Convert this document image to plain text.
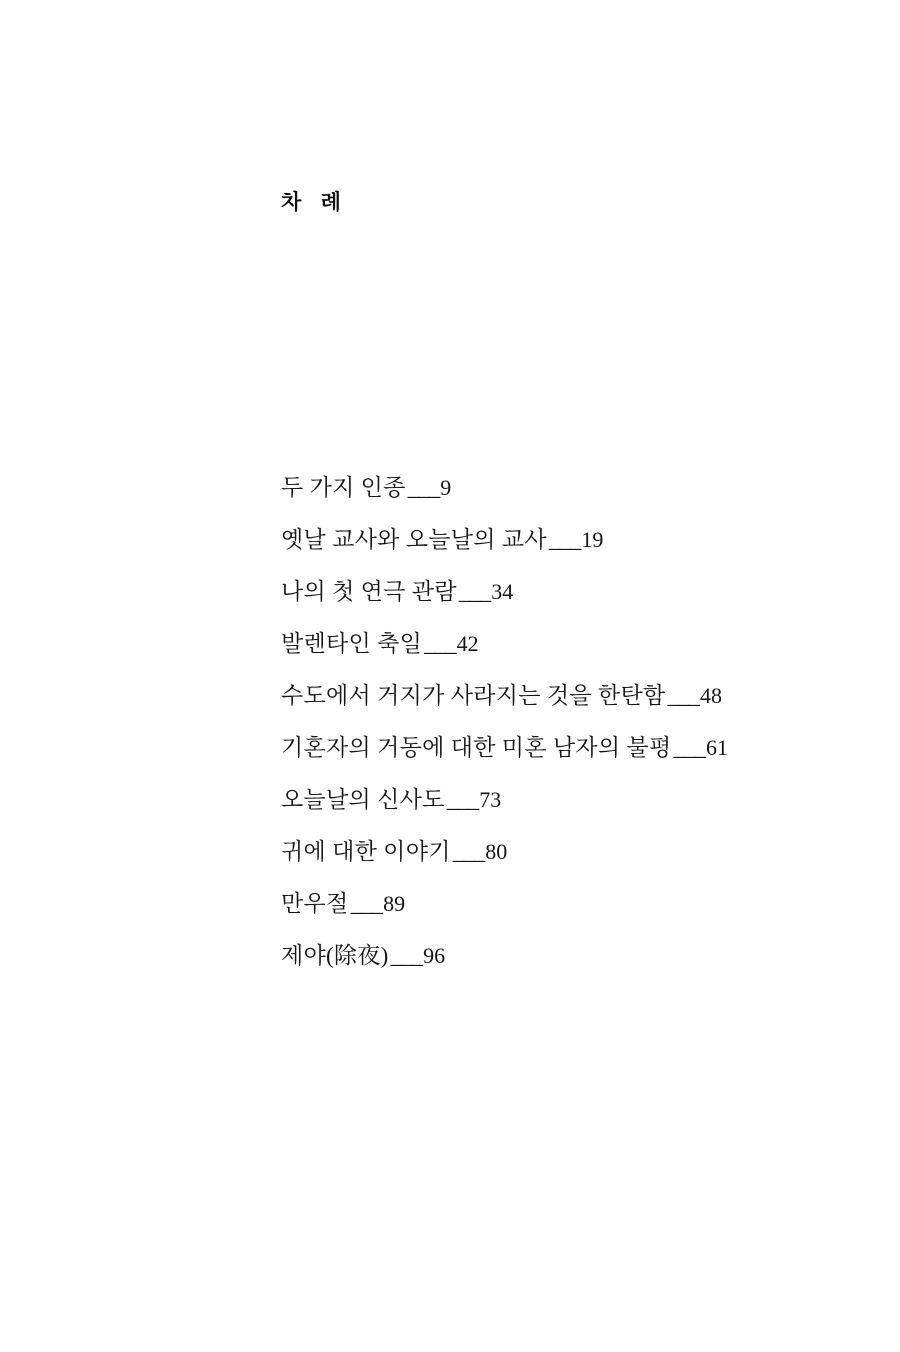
차 례
두 가지 인종___9
옛날 교사와 오늘날의 교사___19
나의 첫 연극 관람___34
발렌타인 축일___42
수도에서 거지가 사라지는 것을 한탄함___48
기혼자의 거동에 대한 미혼 남자의 불평___61
오늘날의 신사도___73
귀에 대한 이야기___80
만우절___89
제야(除夜)___96
